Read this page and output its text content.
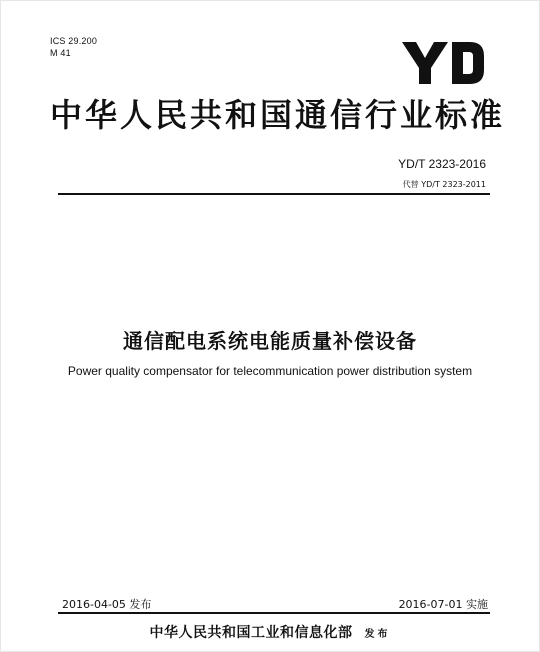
ICS 29.200
M 41
中华人民共和国通信行业标准
YD/T 2323-2016
代替 YD/T 2323-2011
通信配电系统电能质量补偿设备
Power quality compensator for telecommunication power distribution system
2016-04-05 发布	2016-07-01 实施
中华人民共和国工业和信息化部 发布
